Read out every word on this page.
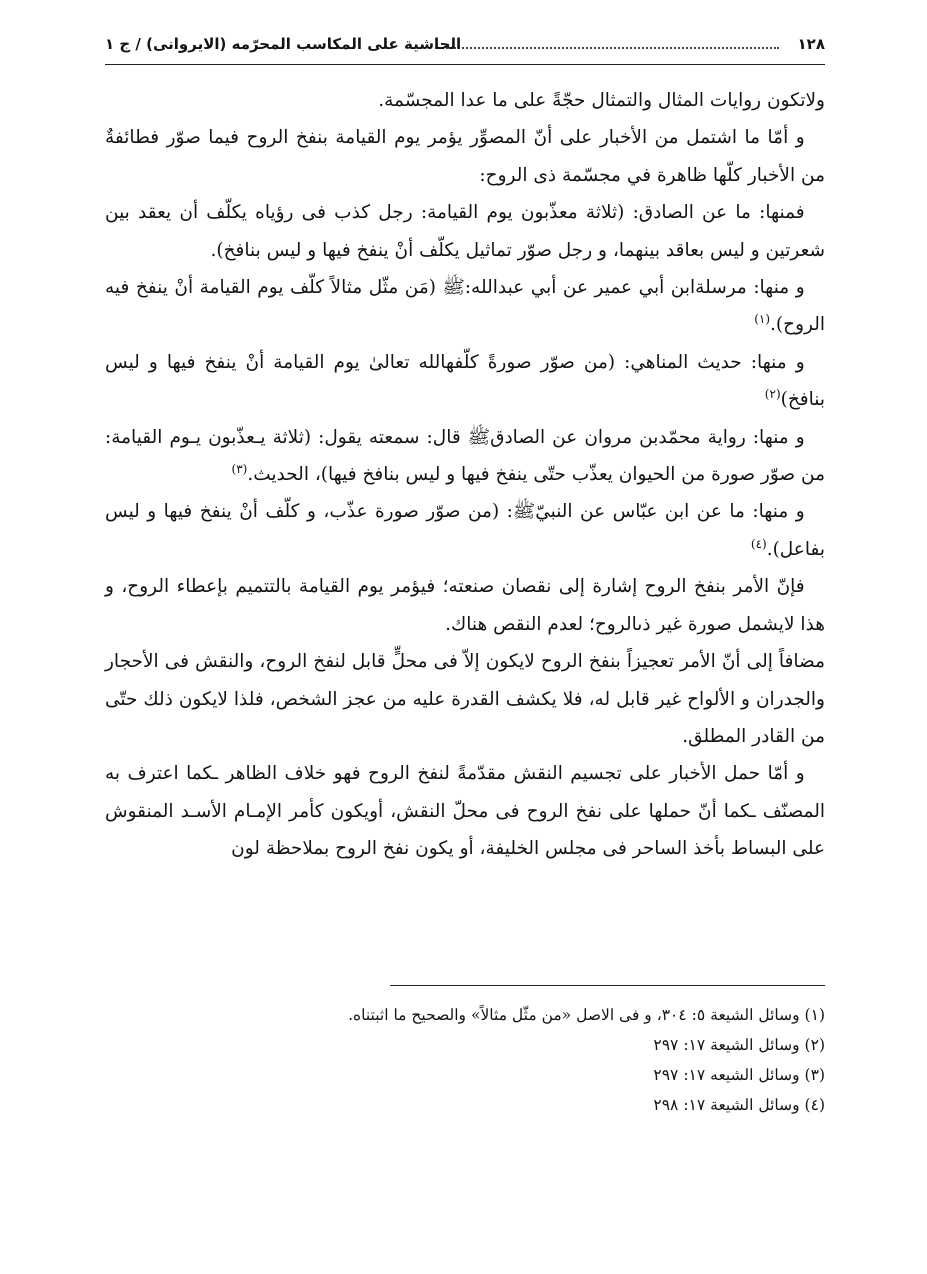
١٢٨
الحاشية على المكاسب المحرّمه (الايروانى) / ج ١

ولاتكون روايات المثال والتمثال حجّةً على ما عدا المجسّمة.

و أمّا ما اشتمل من الأخبار على أنّ المصوِّر يؤمر يوم القيامة بنفخ الروح فيما صوّر فطائفةٌ من الأخبار كلّها ظاهرة في مجسّمة ذى الروح:

فمنها: ما عن الصادق: (ثلاثة معذّبون يوم القيامة: رجل كذب فى رؤياه يكلّف أن يعقد بين شعرتين و ليس بعاقد بينهما، و رجل صوّر تماثيل يكلّف أنْ ينفخ فيها و ليس بنافخ).

و منها: مرسلةابن أبي عمير عن أبي عبدالله:ﷺ (مَن مثّل مثالاً كلّف يوم القيامة أنْ ينفخ فيه الروح).$^{(١)}$

و منها: حديث المناهي: (من صوّر صورةً كلّفهالله تعالىٰ يوم القيامة أنْ ينفخ فيها و ليس بنافخ)$^{(٢)}$

و منها: رواية محمّدبن مروان عن الصادقﷺ قال: سمعته يقول: (ثلاثة يـعذّبون يـوم القيامة: من صوّر صورة من الحيوان يعذّب حتّى ينفخ فيها و ليس بنافخ فيها)، الحديث.$^{(٣)}$

و منها: ما عن ابن عبّاس عن النبيّﷺ: (من صوّر صورة عذّب، و كلّف أنْ ينفخ فيها و ليس بفاعل).$^{(٤)}$

فإنّ الأمر بنفخ الروح إشارة إلى نقصان صنعته؛ فيؤمر يوم القيامة بالتتميم بإعطاء الروح، و هذا لايشمل صورة غير ذىالروح؛ لعدم النقص هناك.

مضافاً إلى أنّ الأمر تعجيزاً بنفخ الروح لايكون إلاّ فى محلٍّ قابل لنفخ الروح، والنقش فى الأحجار والجدران و الألواح غير قابل له، فلا يكشف القدرة عليه من عجز الشخص، فلذا لايكون ذلك حتّى من القادر المطلق.

و أمّا حمل الأخبار على تجسيم النقش مقدّمةً لنفخ الروح فهو خلاف الظاهر ـكما اعترف به المصنّف ـكما أنّ حملها على نفخ الروح فى محلّ النقش، أويكون كأمر الإمـام الأسـد المنقوش على البساط بأخذ الساحر فى مجلس الخليفة، أو يكون نفخ الروح بملاحظة لون

(١) وسائل الشيعة ٥: ٣٠٤، و فى الاصل «من مثّل مثالاً» والصحيح ما اثبتناه.

(٢) وسائل الشيعة ١٧: ٢٩٧

(٣) وسائل الشيعه ١٧: ٢٩٧

(٤) وسائل الشيعة ١٧: ٢٩٨
